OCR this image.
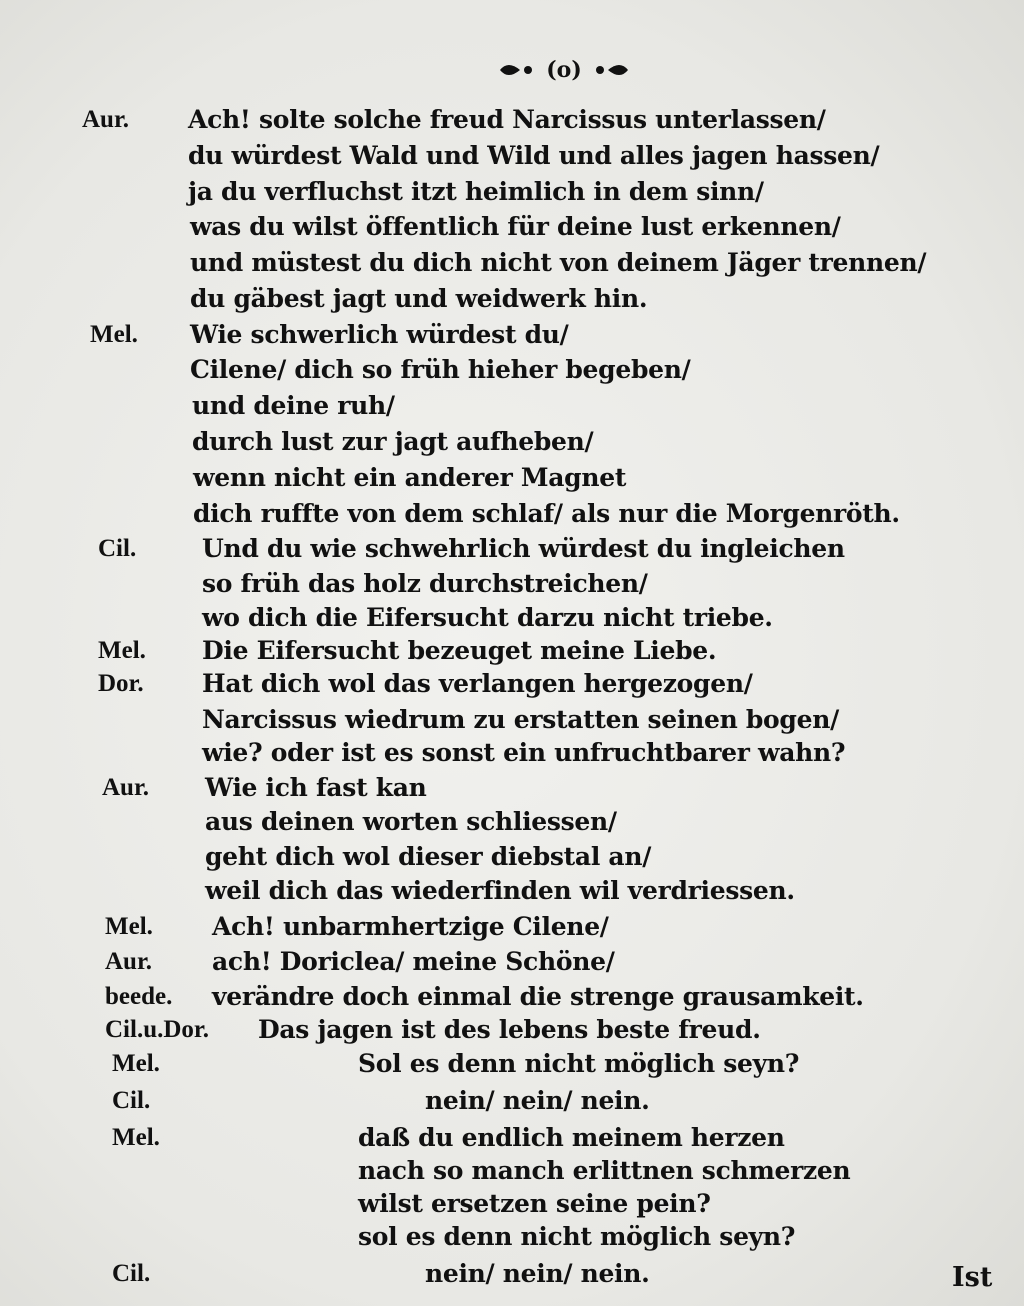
(o)
Aur. Ach! solte solche freud Narcissus unterlassen/
du würdest Wald und Wild und alles jagen hassen/
ja du verfluchst itzt heimlich in dem sinn/
was du wilst öffentlich für deine lust erkennen/
und müstest du dich nicht von deinem Jäger trennen/
du gäbest jagt und weidwerk hin.
Mel. Wie schwerlich würdest du/
Cilene/ dich so früh hieher begeben/
und deine ruh/
durch lust zur jagt aufheben/
wenn nicht ein anderer Magnet
dich ruffte von dem schlaf/ als nur die Morgenröth.
Cil.	Und du wie schwehrlich würdest du ingleichen
so früh das holz durchstreichen/
wo dich die Eifersucht darzu nicht triebe.
Mel. Die Eifersucht bezeuget meine Liebe.
Dor. Hat dich wol das verlangen hergezogen/
Narcissus wiedrum zu erstatten seinen bogen/
wie? oder ist es sonst ein unfruchtbarer wahn?
Aur. Wie ich fast kan
aus deinen worten schliessen/
geht dich wol dieser diebstal an/
weil dich das wiederfinden wil verdriessen.
Mel. Ach! unbarmhertzige Cilene/
Aur. ach! Doriclea/ meine Schöne/
beede. verändre doch einmal die strenge grausamkeit.
Cil.u.Dor. Das jagen ist des lebens beste freud.
Mel.	Sol es denn nicht möglich seyn?
Cil.	nein/ nein/ nein.
Mel.	daß du endlich meinem herzen
nach so manch erlittnen schmerzen
wilst ersetzen seine pein?
sol es denn nicht möglich seyn?
Cil.	nein/ nein/ nein.	Ist
